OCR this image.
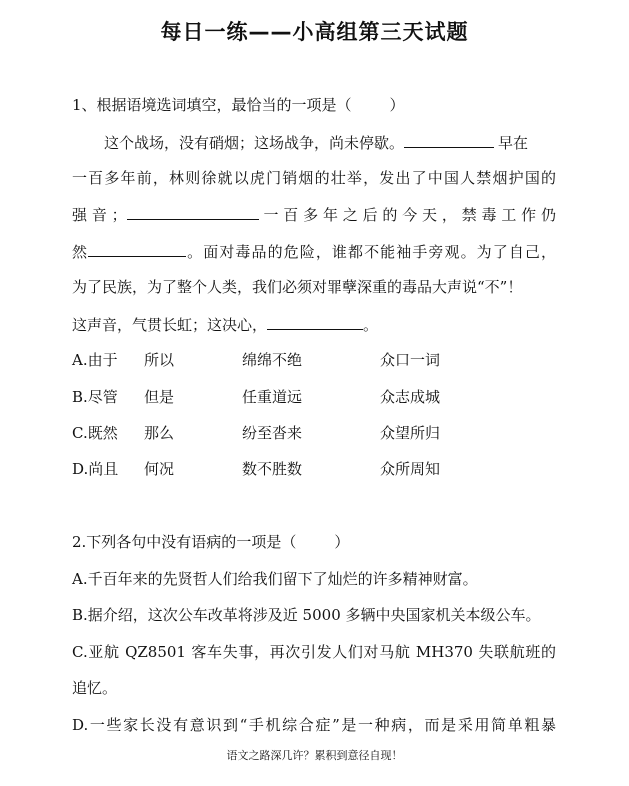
每日一练——小高组第三天试题
1、根据语境选词填空，最恰当的一项是（	）
这个战场，没有硝烟；这场战争，尚未停歇。	早在
一百多年前，林则徐就以虎门销烟的壮举，发出了中国人禁烟护国的
强音；	一百多年之后的今天，禁毒工作仍
然	。面对毒品的危险，谁都不能袖手旁观。为了自己，
为了民族，为了整个人类，我们必须对罪孽深重的毒品大声说“不”！
这声音，气贯长虹；这决心，	。
A.由于 所以	绵绵不绝	众口一词
B.尽管 但是	任重道远	众志成城
C.既然 那么	纷至沓来	众望所归
D.尚且 何况	数不胜数	众所周知
2.下列各句中没有语病的一项是（	）
A.千百年来的先贤哲人们给我们留下了灿烂的许多精神财富。
B.据介绍，这次公车改革将涉及近 5000 多辆中央国家机关本级公车。
C.亚航 QZ8501 客车失事，再次引发人们对马航 MH370 失联航班的
追忆。
D.一些家长没有意识到“手机综合症”是一种病，而是采用简单粗暴
语文之路深几许？累积到意径自现！
